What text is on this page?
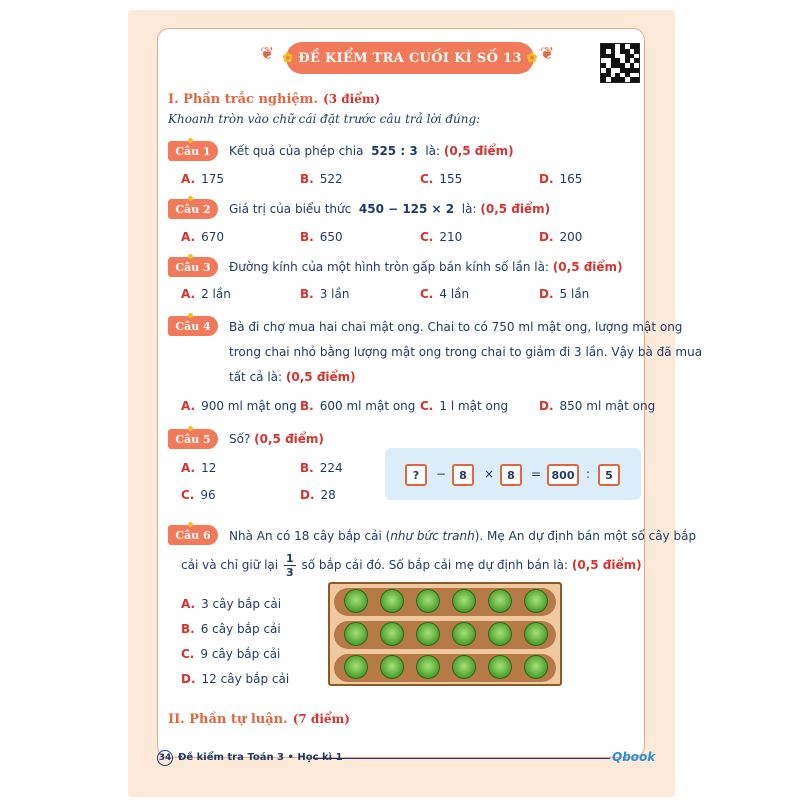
❦ ✿ ĐỀ KIỂM TRA CUỐI KÌ SỐ 13 ✿ ❦
I. Phần trắc nghiệm. (3 điểm)
Khoanh tròn vào chữ cái đặt trước câu trả lời đúng:
Câu 1	Kết quả của phép chia 525 : 3 là: (0,5 điểm)
A. 175	B. 522	C. 155	D. 165
Câu 2	Giá trị của biểu thức 450 − 125 × 2 là: (0,5 điểm)
A. 670	B. 650	C. 210	D. 200
Câu 3	Đường kính của một hình tròn gấp bán kính số lần là: (0,5 điểm)
A. 2 lần	B. 3 lần	C. 4 lần	D. 5 lần
Câu 4	Bà đi chợ mua hai chai mật ong. Chai to có 750 ml mật ong, lượng mật ong
trong chai nhỏ bằng lượng mật ong trong chai to giảm đi 3 lần. Vậy bà đã mua
tất cả là: (0,5 điểm)
A. 900 ml mật ong B. 600 ml mật ong C. 1 l mật ong	D. 850 ml mật ong
Câu 5	Số? (0,5 điểm)
A. 12	B. 224
C. 96	D. 28
?	−	8	×	8	= 800 :	5
Câu 6	Nhà An có 18 cây bắp cải (như bức tranh). Mẹ An dự định bán một số cây bắp
cải và chỉ giữ lại $\frac{1}{3}$ số bắp cải đó. Số bắp cải mẹ dự định bán là: (0,5 điểm)
A. 3 cây bắp cải
B. 6 cây bắp cải
C. 9 cây bắp cải
D. 12 cây bắp cải
II. Phần tự luận. (7 điểm)
34 Đề kiểm tra Toán 3 • Học kì 1	Qbook
